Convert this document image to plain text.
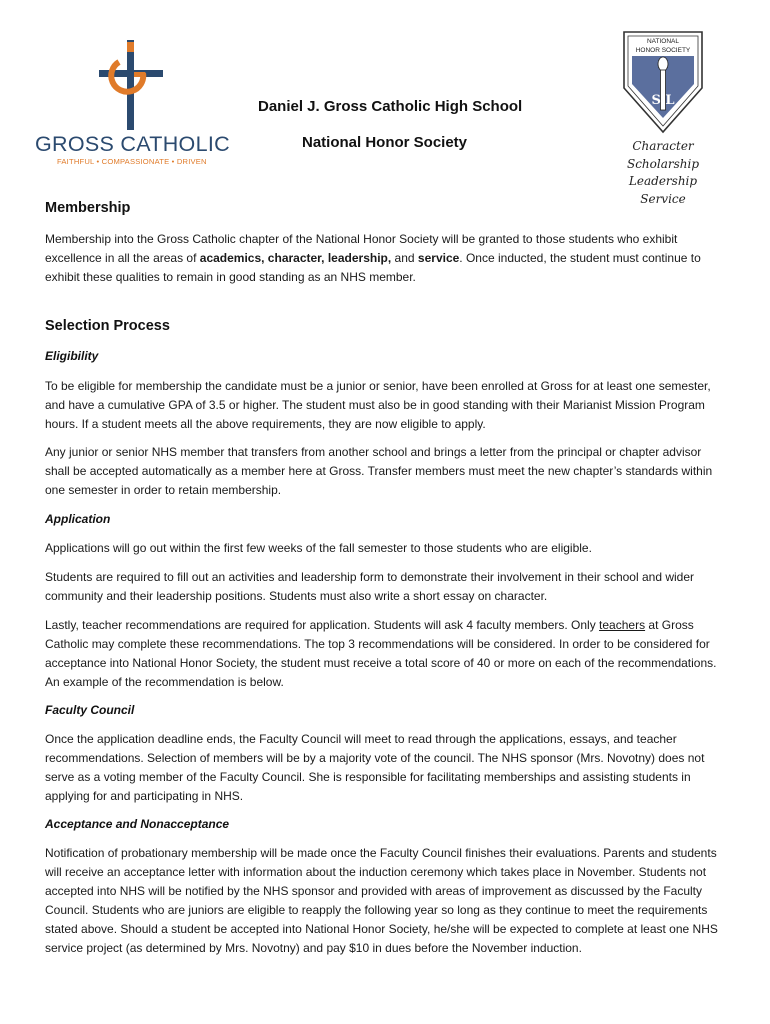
GROSS CATHOLIC
FAITHFUL • COMPASSIONATE • DRIVEN
NATIONAL
HONOR SOCIETY
S L
Character
Scholarship
Leadership
Service
Daniel J. Gross Catholic High School
National Honor Society
Membership
Membership into the Gross Catholic chapter of the National Honor Society will be granted to those students who exhibit excellence in all the areas of academics, character, leadership, and service. Once inducted, the student must continue to exhibit these qualities to remain in good standing as an NHS member.
Selection Process
Eligibility
To be eligible for membership the candidate must be a junior or senior, have been enrolled at Gross for at least one semester, and have a cumulative GPA of 3.5 or higher. The student must also be in good standing with their Marianist Mission Program hours. If a student meets all the above requirements, they are now eligible to apply.
Any junior or senior NHS member that transfers from another school and brings a letter from the principal or chapter advisor shall be accepted automatically as a member here at Gross. Transfer members must meet the new chapter’s standards within one semester in order to retain membership.
Application
Applications will go out within the first few weeks of the fall semester to those students who are eligible.
Students are required to fill out an activities and leadership form to demonstrate their involvement in their school and wider community and their leadership positions. Students must also write a short essay on character.
Lastly, teacher recommendations are required for application. Students will ask 4 faculty members. Only teachers at Gross Catholic may complete these recommendations. The top 3 recommendations will be considered. In order to be considered for acceptance into National Honor Society, the student must receive a total score of 40 or more on each of the recommendations. An example of the recommendation is below.
Faculty Council
Once the application deadline ends, the Faculty Council will meet to read through the applications, essays, and teacher recommendations. Selection of members will be by a majority vote of the council. The NHS sponsor (Mrs. Novotny) does not serve as a voting member of the Faculty Council. She is responsible for facilitating memberships and assisting students in applying for and participating in NHS.
Acceptance and Nonacceptance
Notification of probationary membership will be made once the Faculty Council finishes their evaluations. Parents and students will receive an acceptance letter with information about the induction ceremony which takes place in November. Students not accepted into NHS will be notified by the NHS sponsor and provided with areas of improvement as discussed by the Faculty Council. Students who are juniors are eligible to reapply the following year so long as they continue to meet the requirements stated above. Should a student be accepted into National Honor Society, he/she will be expected to complete at least one NHS service project (as determined by Mrs. Novotny) and pay $10 in dues before the November induction.
